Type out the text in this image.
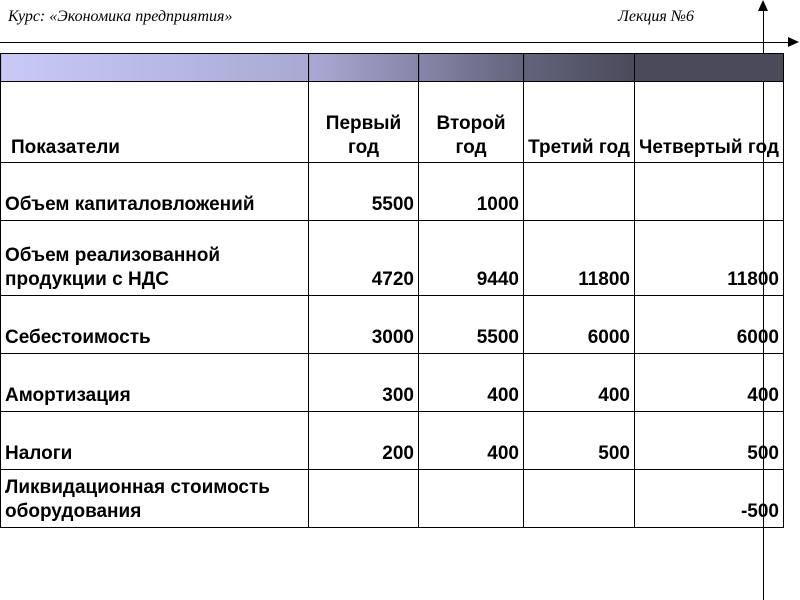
Курс: «Экономика предприятия»	Лекция №6

Показатели	Первый год	Второй год	Третий год	Четвертый год
Объем капиталовложений	5500	1000		
Объем реализованной продукции с НДС	4720	9440	11800	11800
Себестоимость	3000	5500	6000	6000
Амортизация	300	400	400	400
Налоги	200	400	500	500
Ликвидационная стоимость оборудования				-500
